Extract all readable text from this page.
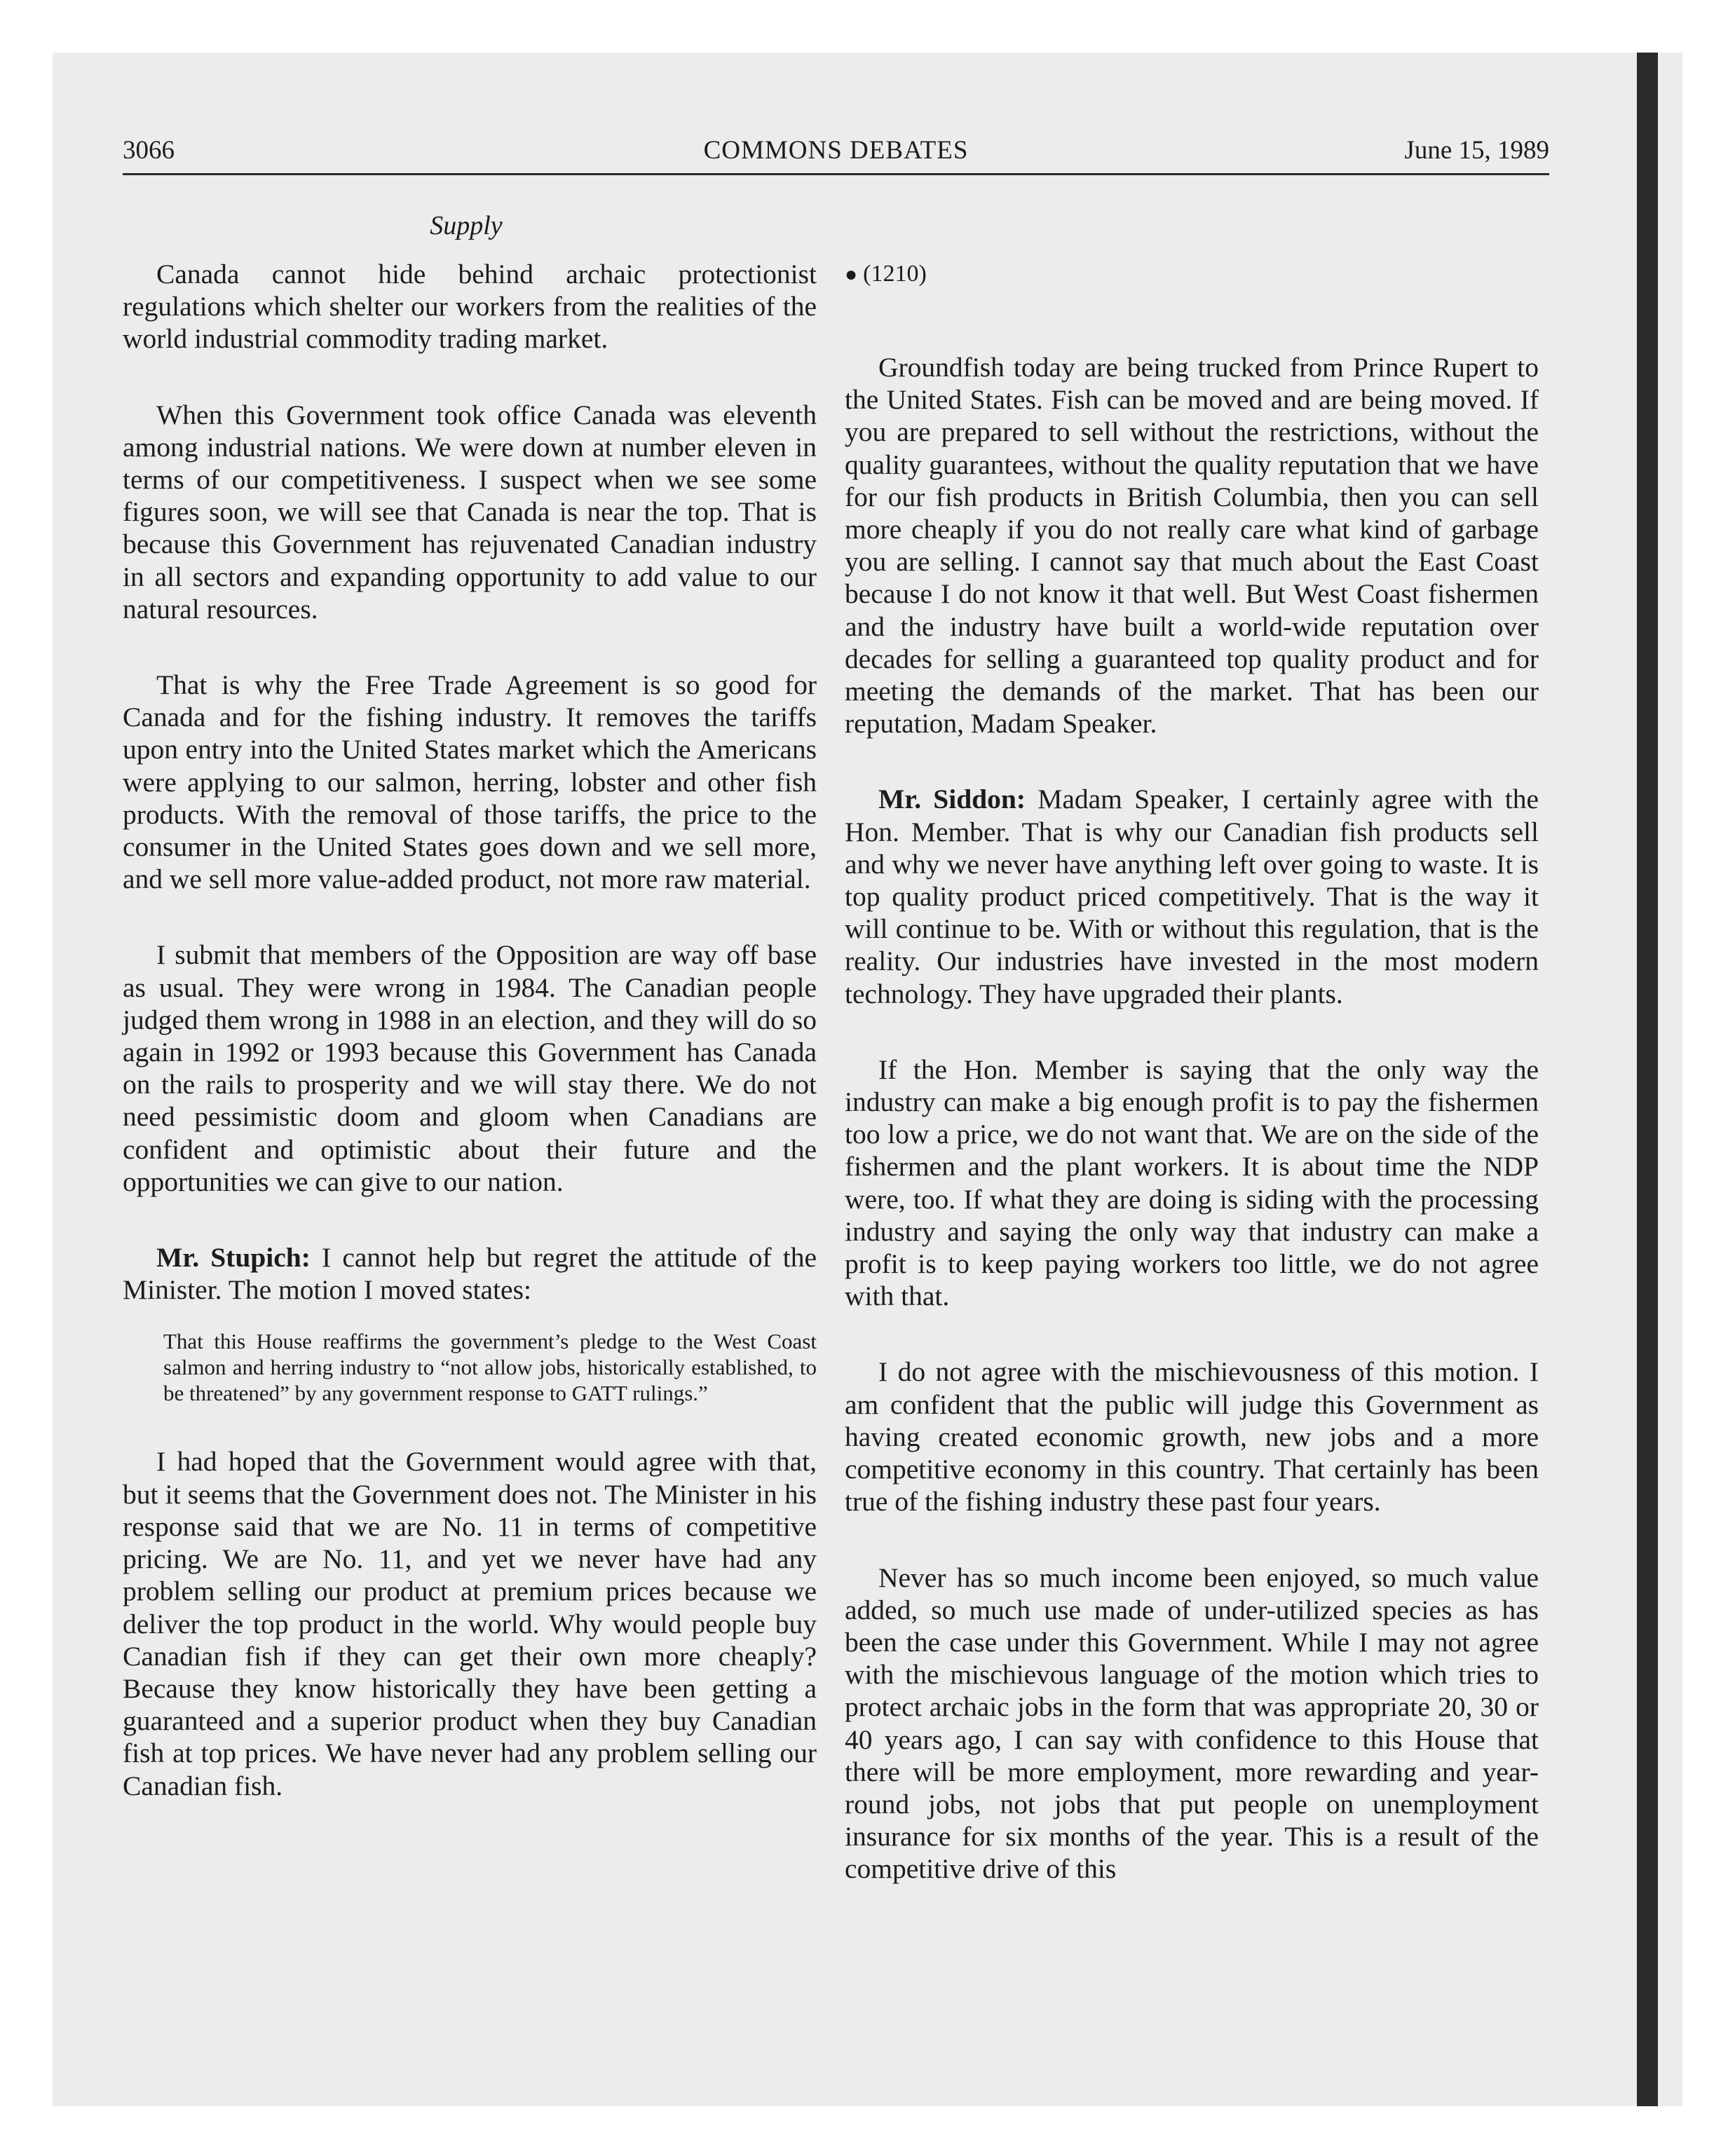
3066	COMMONS DEBATES	June 15, 1989
Supply

Canada cannot hide behind archaic protectionist regulations which shelter our workers from the realities of the world industrial commodity trading market.

When this Government took office Canada was eleventh among industrial nations. We were down at number eleven in terms of our competitiveness. I suspect when we see some figures soon, we will see that Canada is near the top. That is because this Government has rejuvenated Canadian industry in all sectors and expanding opportunity to add value to our natural resources.

That is why the Free Trade Agreement is so good for Canada and for the fishing industry. It removes the tariffs upon entry into the United States market which the Americans were applying to our salmon, herring, lobster and other fish products. With the removal of those tariffs, the price to the consumer in the United States goes down and we sell more, and we sell more value-added product, not more raw material.

I submit that members of the Opposition are way off base as usual. They were wrong in 1984. The Canadian people judged them wrong in 1988 in an election, and they will do so again in 1992 or 1993 because this Government has Canada on the rails to prosperity and we will stay there. We do not need pessimistic doom and gloom when Canadians are confident and optimistic about their future and the opportunities we can give to our nation.

Mr. Stupich: I cannot help but regret the attitude of the Minister. The motion I moved states:

That this House reaffirms the government’s pledge to the West Coast salmon and herring industry to “not allow jobs, historically established, to be threatened” by any government response to GATT rulings.”

I had hoped that the Government would agree with that, but it seems that the Government does not. The Minister in his response said that we are No. 11 in terms of competitive pricing. We are No. 11, and yet we never have had any problem selling our product at premium prices because we deliver the top product in the world. Why would people buy Canadian fish if they can get their own more cheaply? Because they know historically they have been getting a guaranteed and a superior product when they buy Canadian fish at top prices. We have never had any problem selling our Canadian fish.

● (1210)

Groundfish today are being trucked from Prince Rupert to the United States. Fish can be moved and are being moved. If you are prepared to sell without the restrictions, without the quality guarantees, without the quality reputation that we have for our fish products in British Columbia, then you can sell more cheaply if you do not really care what kind of garbage you are selling. I cannot say that much about the East Coast because I do not know it that well. But West Coast fishermen and the industry have built a world-wide reputation over decades for selling a guaranteed top quality product and for meeting the demands of the market. That has been our reputation, Madam Speaker.

Mr. Siddon: Madam Speaker, I certainly agree with the Hon. Member. That is why our Canadian fish products sell and why we never have anything left over going to waste. It is top quality product priced competitively. That is the way it will continue to be. With or without this regulation, that is the reality. Our industries have invested in the most modern technology. They have upgraded their plants.

If the Hon. Member is saying that the only way the industry can make a big enough profit is to pay the fishermen too low a price, we do not want that. We are on the side of the fishermen and the plant workers. It is about time the NDP were, too. If what they are doing is siding with the processing industry and saying the only way that industry can make a profit is to keep paying workers too little, we do not agree with that.

I do not agree with the mischievousness of this motion. I am confident that the public will judge this Government as having created economic growth, new jobs and a more competitive economy in this country. That certainly has been true of the fishing industry these past four years.

Never has so much income been enjoyed, so much value added, so much use made of under-utilized species as has been the case under this Government. While I may not agree with the mischievous language of the motion which tries to protect archaic jobs in the form that was appropriate 20, 30 or 40 years ago, I can say with confidence to this House that there will be more employment, more rewarding and year-round jobs, not jobs that put people on unemployment insurance for six months of the year. This is a result of the competitive drive of this
